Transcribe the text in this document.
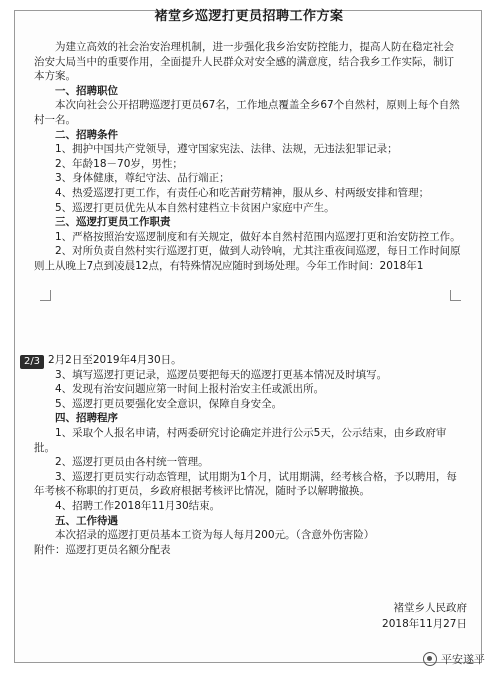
褚堂乡巡逻打更员招聘工作方案

为建立高效的社会治安治理机制，进一步强化我乡治安防控能力，提高人防在稳定社会治安大局当中的重要作用，全面提升人民群众对安全感的满意度，结合我乡工作实际，制订本方案。

一、招聘职位

本次向社会公开招聘巡逻打更员67名，工作地点覆盖全乡67个自然村，原则上每个自然村一名。

二、招聘条件

1、拥护中国共产党领导，遵守国家宪法、法律、法规，无违法犯罪记录；

2、年龄18－70岁，男性；

3、身体健康，尊纪守法、品行端正；

4、热爱巡逻打更工作，有责任心和吃苦耐劳精神，服从乡、村两级安排和管理；

5、巡逻打更员优先从本自然村建档立卡贫困户家庭中产生。

三、巡逻打更员工作职责

1、严格按照治安巡逻制度和有关规定，做好本自然村范围内巡逻打更和治安防控工作。

2、对所负责自然村实行巡逻打更，做到人动铃响，尤其注重夜间巡逻，每日工作时间原则上从晚上7点到凌晨12点，有特殊情况应随时到场处理。今年工作时间：2018年1

2/3 2月2日至2019年4月30日。

3、填写巡逻打更记录，巡逻员要把每天的巡逻打更基本情况及时填写。

4、发现有治安问题应第一时间上报村治安主任或派出所。

5、巡逻打更员要强化安全意识，保障自身安全。

四、招聘程序

1、采取个人报名申请，村两委研究讨论确定并进行公示5天，公示结束，由乡政府审批。

2、巡逻打更员由各村统一管理。

3、巡逻打更员实行动态管理，试用期为1个月，试用期满，经考核合格，予以聘用，每年考核不称职的打更员，乡政府根据考核评比情况，随时予以解聘撤换。

4、招聘工作2018年11月30结束。

五、工作待遇

本次招录的巡逻打更员基本工资为每人每月200元。（含意外伤害险）

附件：巡逻打更员名额分配表

褚堂乡人民政府
2018年11月27日
平安遂平
